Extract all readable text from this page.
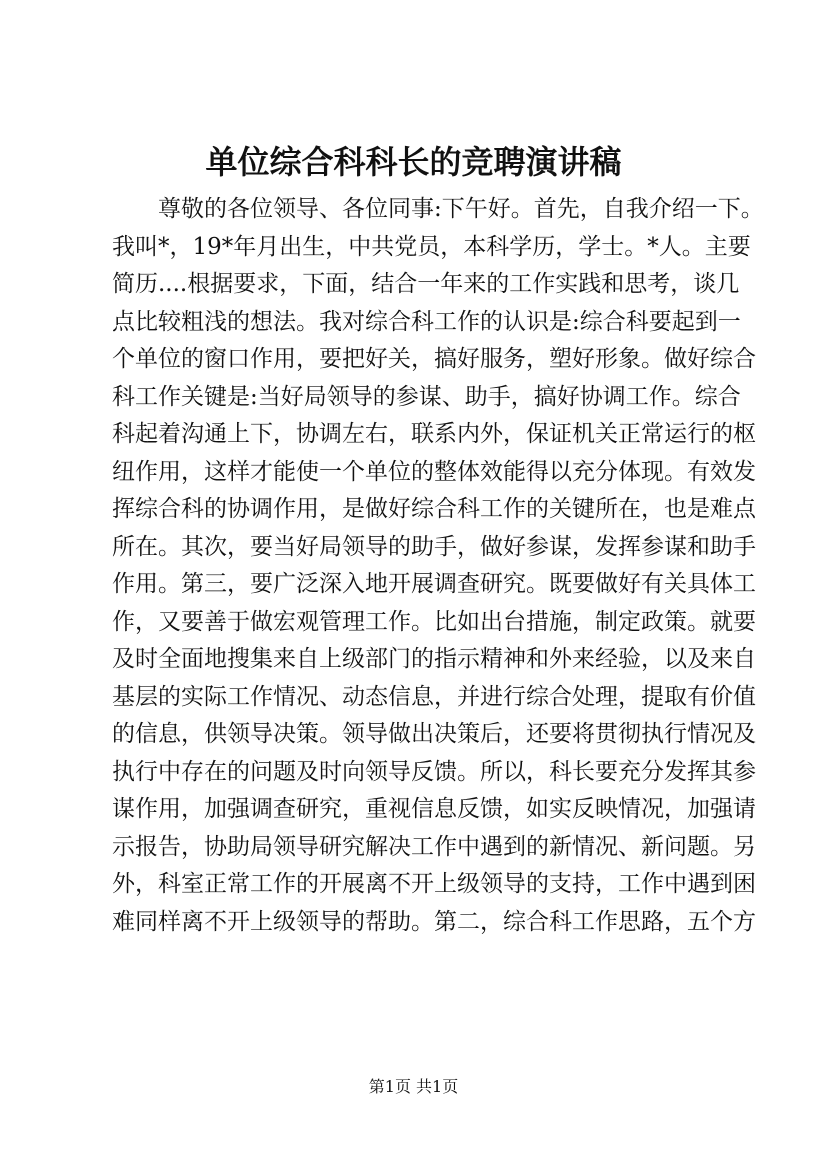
单位综合科科长的竞聘演讲稿
尊敬的各位领导、各位同事:下午好。首先，自我介绍一下。
我叫*，19*年月出生，中共党员，本科学历，学士。*人。主要
简历....根据要求，下面，结合一年来的工作实践和思考，谈几
点比较粗浅的想法。我对综合科工作的认识是:综合科要起到一
个单位的窗口作用，要把好关，搞好服务，塑好形象。做好综合
科工作关键是:当好局领导的参谋、助手，搞好协调工作。综合
科起着沟通上下，协调左右，联系内外，保证机关正常运行的枢
纽作用，这样才能使一个单位的整体效能得以充分体现。有效发
挥综合科的协调作用，是做好综合科工作的关键所在，也是难点
所在。其次，要当好局领导的助手，做好参谋，发挥参谋和助手
作用。第三，要广泛深入地开展调查研究。既要做好有关具体工
作，又要善于做宏观管理工作。比如出台措施，制定政策。就要
及时全面地搜集来自上级部门的指示精神和外来经验，以及来自
基层的实际工作情况、动态信息，并进行综合处理，提取有价值
的信息，供领导决策。领导做出决策后，还要将贯彻执行情况及
执行中存在的问题及时向领导反馈。所以，科长要充分发挥其参
谋作用，加强调查研究，重视信息反馈，如实反映情况，加强请
示报告，协助局领导研究解决工作中遇到的新情况、新问题。另
外，科室正常工作的开展离不开上级领导的支持，工作中遇到困
难同样离不开上级领导的帮助。第二，综合科工作思路，五个方
第1页 共1页
